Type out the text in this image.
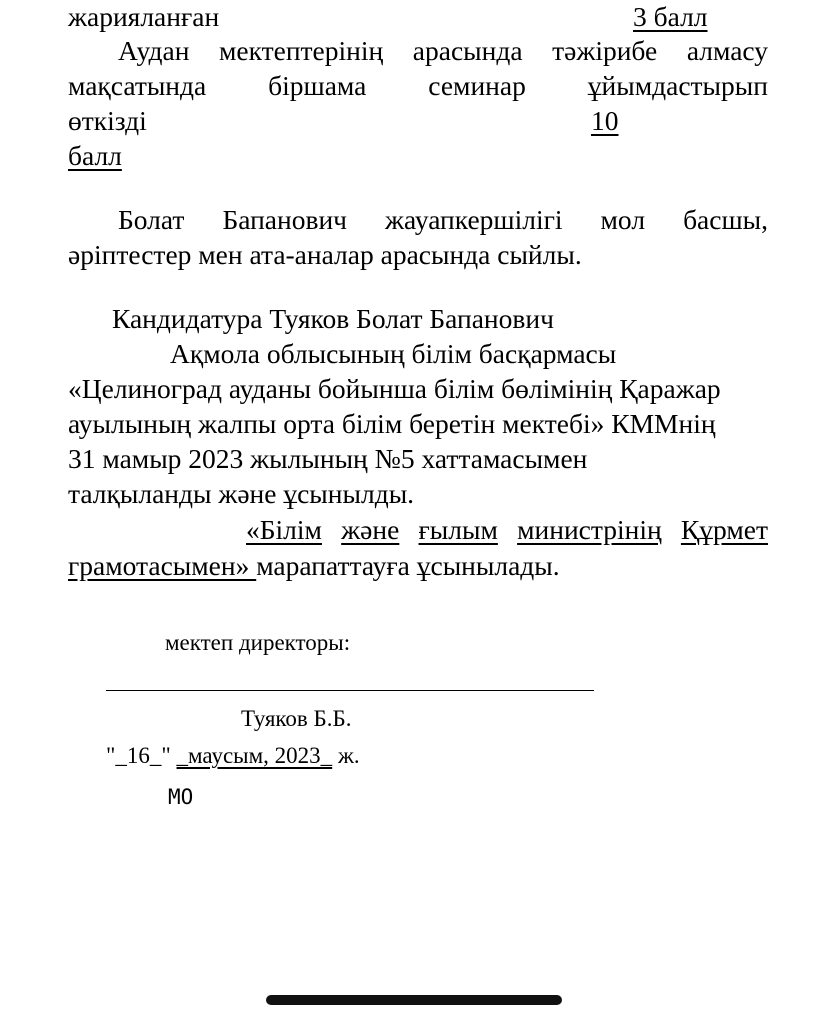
жарияланған	3 балл
Аудан мектептерінің арасында тәжірибе алмасу
мақсатында біршама семинар ұйымдастырып
өткізді	10
балл
Болат Бапанович жауапкершілігі мол басшы,
әріптестер мен ата-аналар арасында сыйлы.
Кандидатура Туяков Болат Бапанович
Ақмола облысының білім басқармасы
«Целиноград ауданы бойынша білім бөлімінің Қаражар
ауылының жалпы орта білім беретін мектебі» КММнің
31 мамыр 2023 жылының №5 хаттамасымен
талқыланды және ұсынылды.
«Білім және ғылым министрінің Құрмет
грамотасымен» марапаттауға ұсынылады.
мектеп директоры:
Туяков Б.Б.
"_16_" _маусым, 2023_ ж.
МО
